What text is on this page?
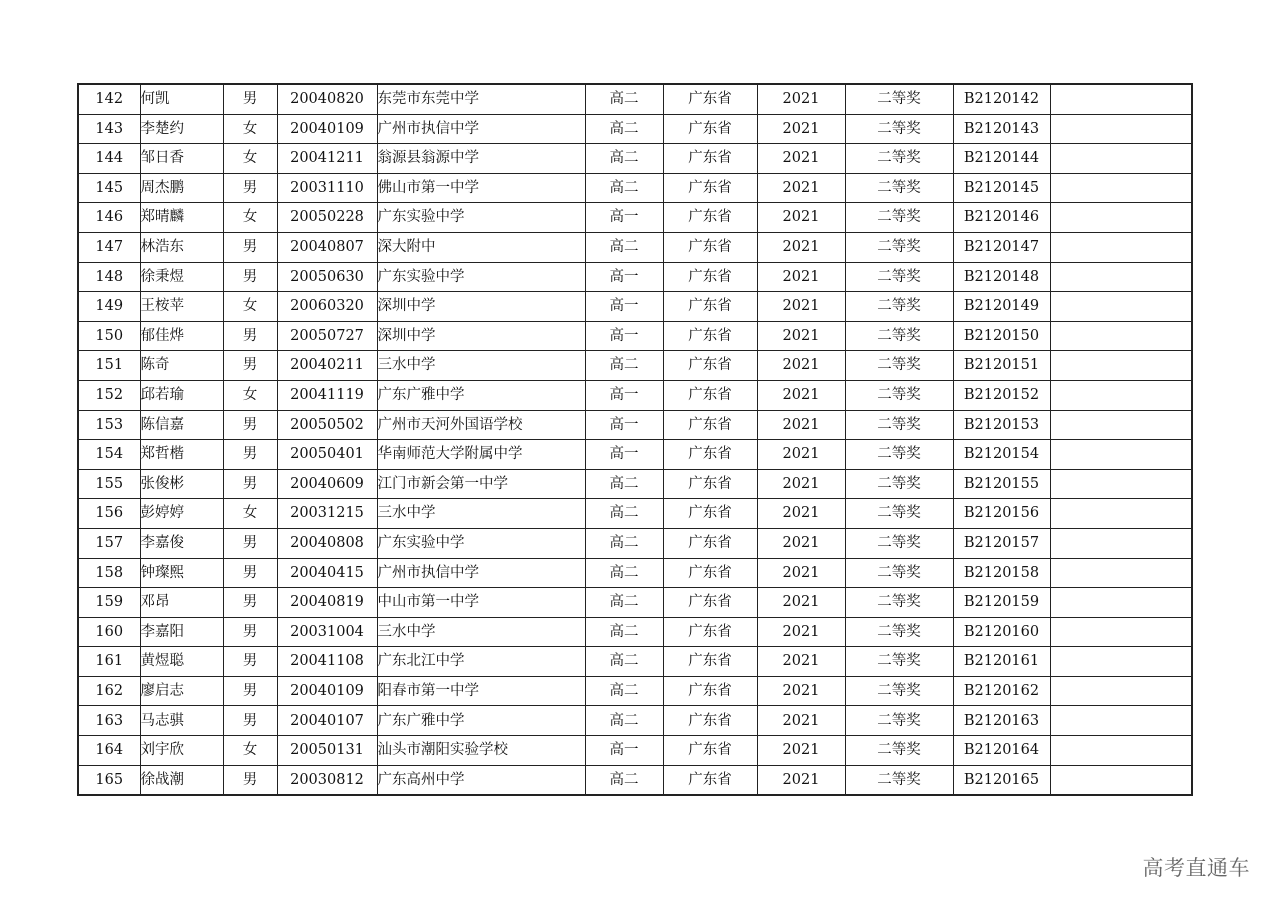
142	何凯	男	20040820	东莞市东莞中学	高二	广东省	2021	二等奖	B2120142	
143	李楚约	女	20040109	广州市执信中学	高二	广东省	2021	二等奖	B2120143	
144	邹日香	女	20041211	翁源县翁源中学	高二	广东省	2021	二等奖	B2120144	
145	周杰鹏	男	20031110	佛山市第一中学	高二	广东省	2021	二等奖	B2120145	
146	郑晴麟	女	20050228	广东实验中学	高一	广东省	2021	二等奖	B2120146	
147	林浩东	男	20040807	深大附中	高二	广东省	2021	二等奖	B2120147	
148	徐秉煜	男	20050630	广东实验中学	高一	广东省	2021	二等奖	B2120148	
149	王桉苹	女	20060320	深圳中学	高一	广东省	2021	二等奖	B2120149	
150	郁佳烨	男	20050727	深圳中学	高一	广东省	2021	二等奖	B2120150	
151	陈奇	男	20040211	三水中学	高二	广东省	2021	二等奖	B2120151	
152	邱若瑜	女	20041119	广东广雅中学	高一	广东省	2021	二等奖	B2120152	
153	陈信嘉	男	20050502	广州市天河外国语学校	高一	广东省	2021	二等奖	B2120153	
154	郑哲楷	男	20050401	华南师范大学附属中学	高一	广东省	2021	二等奖	B2120154	
155	张俊彬	男	20040609	江门市新会第一中学	高二	广东省	2021	二等奖	B2120155	
156	彭婷婷	女	20031215	三水中学	高二	广东省	2021	二等奖	B2120156	
157	李嘉俊	男	20040808	广东实验中学	高二	广东省	2021	二等奖	B2120157	
158	钟璨熙	男	20040415	广州市执信中学	高二	广东省	2021	二等奖	B2120158	
159	邓昂	男	20040819	中山市第一中学	高二	广东省	2021	二等奖	B2120159	
160	李嘉阳	男	20031004	三水中学	高二	广东省	2021	二等奖	B2120160	
161	黄煜聪	男	20041108	广东北江中学	高二	广东省	2021	二等奖	B2120161	
162	廖启志	男	20040109	阳春市第一中学	高二	广东省	2021	二等奖	B2120162	
163	马志骐	男	20040107	广东广雅中学	高二	广东省	2021	二等奖	B2120163	
164	刘宇欣	女	20050131	汕头市潮阳实验学校	高一	广东省	2021	二等奖	B2120164	
165	徐战潮	男	20030812	广东高州中学	高二	广东省	2021	二等奖	B2120165	
高考直通车
